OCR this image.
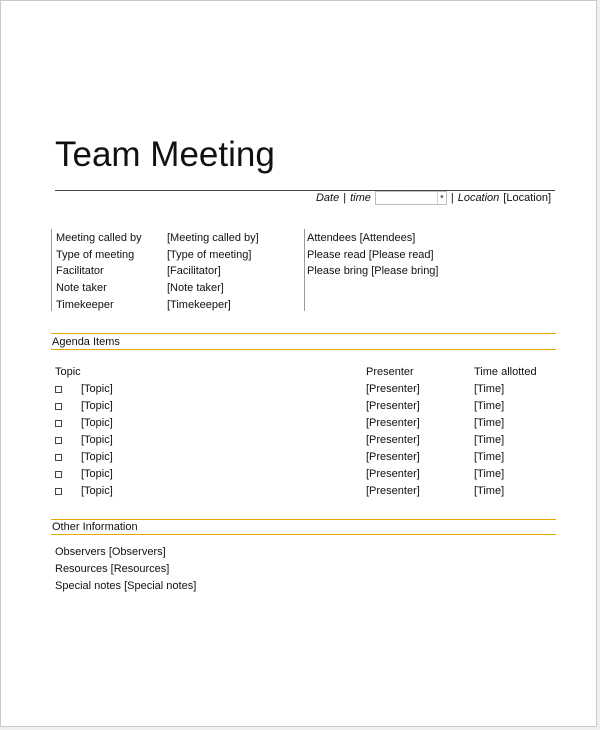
Team Meeting
Date | time	▾ | Location [Location]
Meeting called by [Meeting called by]
Type of meeting	[Type of meeting]
Facilitator	[Facilitator]
Note taker	[Note taker]
Timekeeper	[Timekeeper]
Attendees [Attendees]
Please read [Please read]
Please bring [Please bring]
Agenda Items
Topic	Presenter	Time allotted
[Topic]	[Presenter]	[Time]
[Topic]	[Presenter]	[Time]
[Topic]	[Presenter]	[Time]
[Topic]	[Presenter]	[Time]
[Topic]	[Presenter]	[Time]
[Topic]	[Presenter]	[Time]
[Topic]	[Presenter]	[Time]
Other Information
Observers [Observers]
Resources [Resources]
Special notes [Special notes]
